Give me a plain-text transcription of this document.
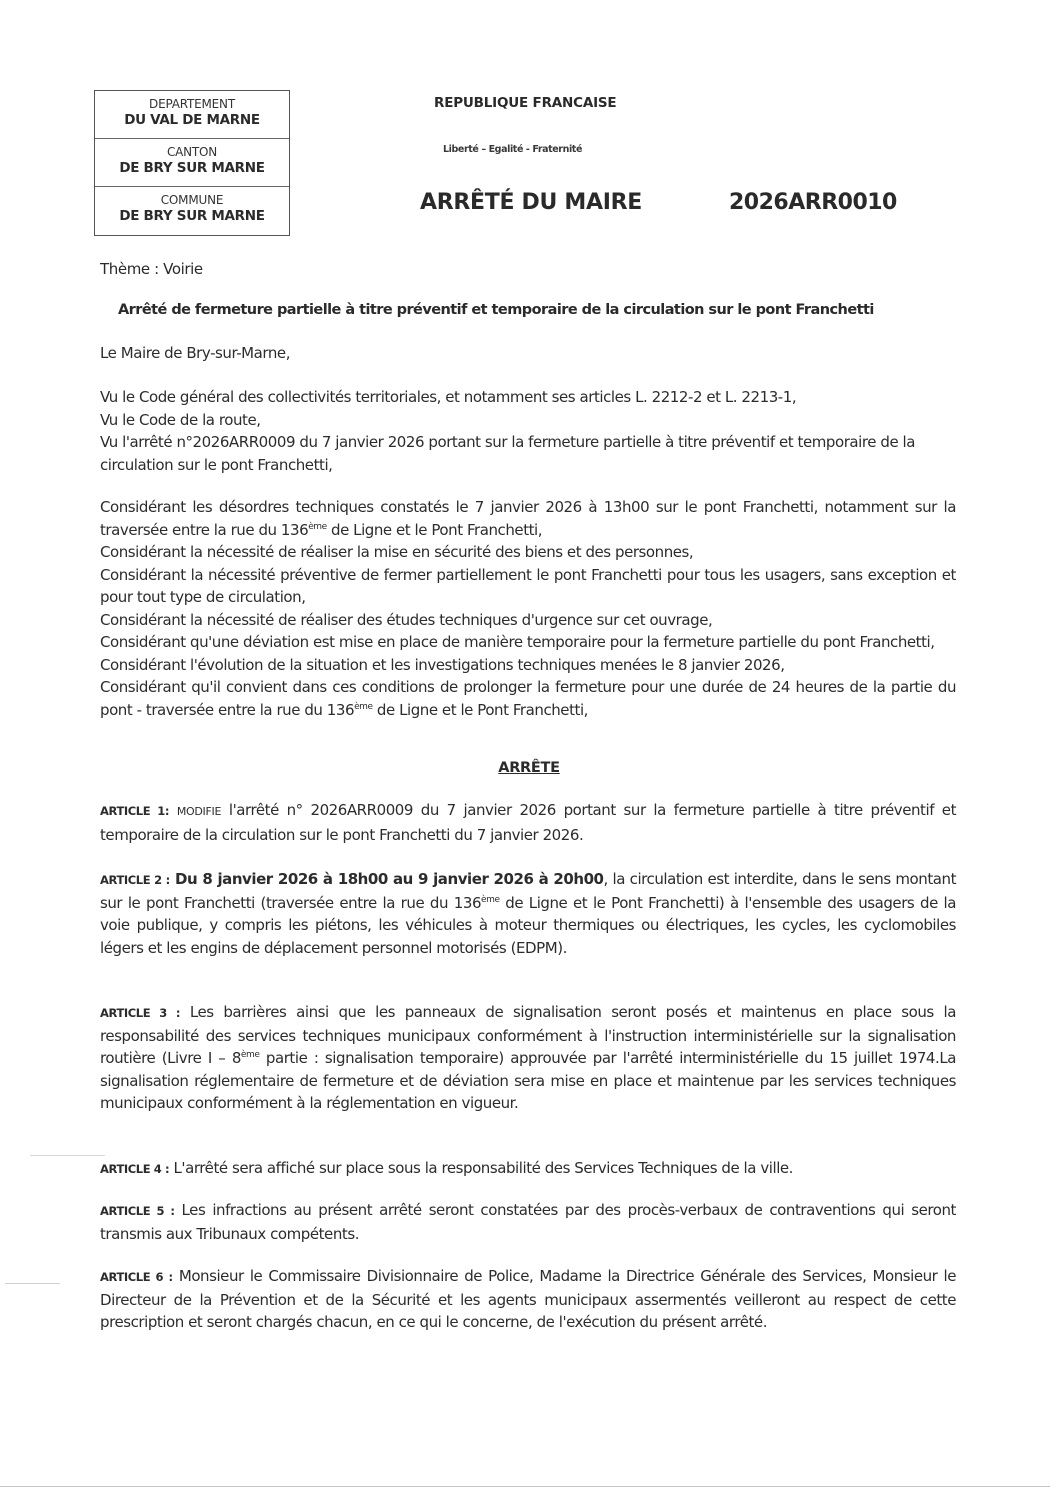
DEPARTEMENT
DU VAL DE MARNE
CANTON
DE BRY SUR MARNE
COMMUNE
DE BRY SUR MARNE
REPUBLIQUE FRANCAISE
Liberté – Egalité - Fraternité
ARRÊTÉ DU MAIRE	2026ARR0010
Thème : Voirie
Arrêté de fermeture partielle à titre préventif et temporaire de la circulation sur le pont Franchetti
Le Maire de Bry-sur-Marne,
Vu le Code général des collectivités territoriales, et notamment ses articles L. 2212-2 et L. 2213-1,
Vu le Code de la route,
Vu l'arrêté n°2026ARR0009 du 7 janvier 2026 portant sur la fermeture partielle à titre préventif et temporaire de la circulation sur le pont Franchetti,
Considérant les désordres techniques constatés le 7 janvier 2026 à 13h00 sur le pont Franchetti, notamment sur la traversée entre la rue du 136ème de Ligne et le Pont Franchetti,
Considérant la nécessité de réaliser la mise en sécurité des biens et des personnes,
Considérant la nécessité préventive de fermer partiellement le pont Franchetti pour tous les usagers, sans exception et pour tout type de circulation,
Considérant la nécessité de réaliser des études techniques d'urgence sur cet ouvrage,
Considérant qu'une déviation est mise en place de manière temporaire pour la fermeture partielle du pont Franchetti,
Considérant l'évolution de la situation et les investigations techniques menées le 8 janvier 2026,
Considérant qu'il convient dans ces conditions de prolonger la fermeture pour une durée de 24 heures de la partie du pont - traversée entre la rue du 136ème de Ligne et le Pont Franchetti,
ARRÊTE
ARTICLE 1: MODIFIE l'arrêté n° 2026ARR0009 du 7 janvier 2026 portant sur la fermeture partielle à titre préventif et temporaire de la circulation sur le pont Franchetti du 7 janvier 2026.
ARTICLE 2 : Du 8 janvier 2026 à 18h00 au 9 janvier 2026 à 20h00, la circulation est interdite, dans le sens montant sur le pont Franchetti (traversée entre la rue du 136ème de Ligne et le Pont Franchetti) à l'ensemble des usagers de la voie publique, y compris les piétons, les véhicules à moteur thermiques ou électriques, les cycles, les cyclomobiles légers et les engins de déplacement personnel motorisés (EDPM).
ARTICLE 3 : Les barrières ainsi que les panneaux de signalisation seront posés et maintenus en place sous la responsabilité des services techniques municipaux conformément à l'instruction interministérielle sur la signalisation routière (Livre I – 8ème partie : signalisation temporaire) approuvée par l'arrêté interministérielle du 15 juillet 1974.La signalisation réglementaire de fermeture et de déviation sera mise en place et maintenue par les services techniques municipaux conformément à la réglementation en vigueur.
ARTICLE 4 : L'arrêté sera affiché sur place sous la responsabilité des Services Techniques de la ville.
ARTICLE 5 : Les infractions au présent arrêté seront constatées par des procès-verbaux de contraventions qui seront transmis aux Tribunaux compétents.
ARTICLE 6 : Monsieur le Commissaire Divisionnaire de Police, Madame la Directrice Générale des Services, Monsieur le Directeur de la Prévention et de la Sécurité et les agents municipaux assermentés veilleront au respect de cette prescription et seront chargés chacun, en ce qui le concerne, de l'exécution du présent arrêté.
